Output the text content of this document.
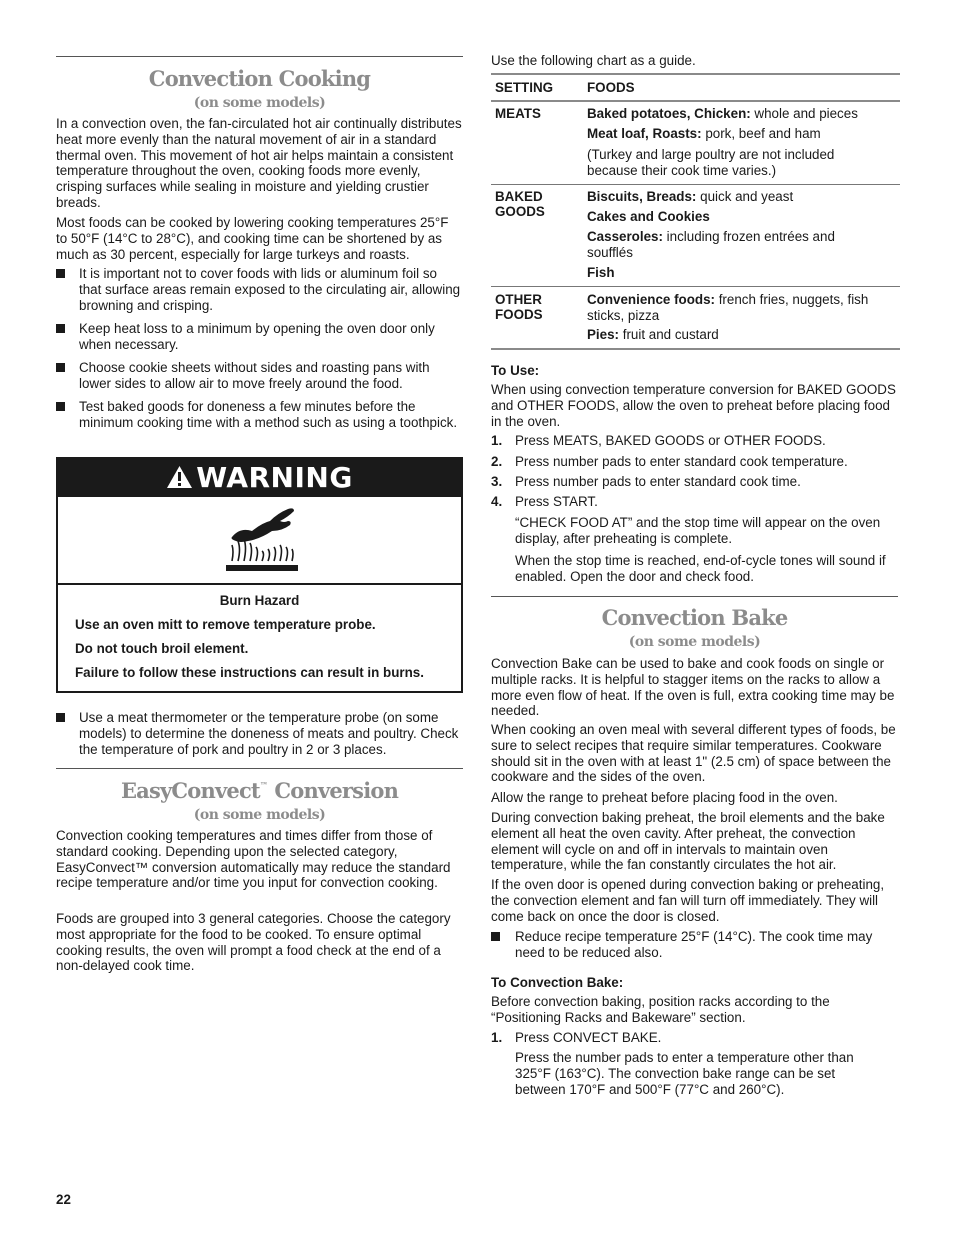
Convection Cooking
(on some models)

In a convection oven, the fan-circulated hot air continually distributes heat more evenly than the natural movement of air in a standard thermal oven. This movement of hot air helps maintain a consistent temperature throughout the oven, cooking foods more evenly, crisping surfaces while sealing in moisture and yielding crustier breads.

Most foods can be cooked by lowering cooking temperatures 25°F to 50°F (14°C to 28°C), and cooking time can be shortened by as much as 30 percent, especially for large turkeys and roasts.

It is important not to cover foods with lids or aluminum foil so that surface areas remain exposed to the circulating air, allowing browning and crisping.

Keep heat loss to a minimum by opening the oven door only when necessary.

Choose cookie sheets without sides and roasting pans with lower sides to allow air to move freely around the food.

Test baked goods for doneness a few minutes before the minimum cooking time with a method such as using a toothpick.

WARNING
Burn Hazard
Use an oven mitt to remove temperature probe.
Do not touch broil element.
Failure to follow these instructions can result in burns.

Use a meat thermometer or the temperature probe (on some models) to determine the doneness of meats and poultry. Check the temperature of pork and poultry in 2 or 3 places.

EasyConvect™ Conversion
(on some models)

Convection cooking temperatures and times differ from those of standard cooking. Depending upon the selected category, EasyConvect™ conversion automatically may reduce the standard recipe temperature and/or time you input for convection cooking.

Foods are grouped into 3 general categories. Choose the category most appropriate for the food to be cooked. To ensure optimal cooking results, the oven will prompt a food check at the end of a non-delayed cook time.

22

Use the following chart as a guide.

SETTING	FOODS
MEATS	Baked potatoes, Chicken: whole and pieces
Meat loaf, Roasts: pork, beef and ham
(Turkey and large poultry are not included because their cook time varies.)
BAKED
GOODS
Biscuits, Breads: quick and yeast
Cakes and Cookies
Casseroles: including frozen entrées and soufflés
Fish
OTHER
FOODS
Convenience foods: french fries, nuggets, fish sticks, pizza
Pies: fruit and custard
To Use:

When using convection temperature conversion for BAKED GOODS and OTHER FOODS, allow the oven to preheat before placing food in the oven.

1. Press MEATS, BAKED GOODS or OTHER FOODS.
2. Press number pads to enter standard cook temperature.
3. Press number pads to enter standard cook time.
4. Press START.

“CHECK FOOD AT” and the stop time will appear on the oven display, after preheating is complete.

When the stop time is reached, end-of-cycle tones will sound if enabled. Open the door and check food.

Convection Bake
(on some models)

Convection Bake can be used to bake and cook foods on single or multiple racks. It is helpful to stagger items on the racks to allow a more even flow of heat. If the oven is full, extra cooking time may be needed.

When cooking an oven meal with several different types of foods, be sure to select recipes that require similar temperatures. Cookware should sit in the oven with at least 1" (2.5 cm) of space between the cookware and the sides of the oven.

Allow the range to preheat before placing food in the oven.

During convection baking preheat, the broil elements and the bake element all heat the oven cavity. After preheat, the convection element will cycle on and off in intervals to maintain oven temperature, while the fan constantly circulates the hot air.

If the oven door is opened during convection baking or preheating, the convection element and fan will turn off immediately. They will come back on once the door is closed.

Reduce recipe temperature 25°F (14°C). The cook time may need to be reduced also.

To Convection Bake:

Before convection baking, position racks according to the “Positioning Racks and Bakeware” section.

1. Press CONVECT BAKE.

Press the number pads to enter a temperature other than 325°F (163°C). The convection bake range can be set between 170°F and 500°F (77°C and 260°C).
